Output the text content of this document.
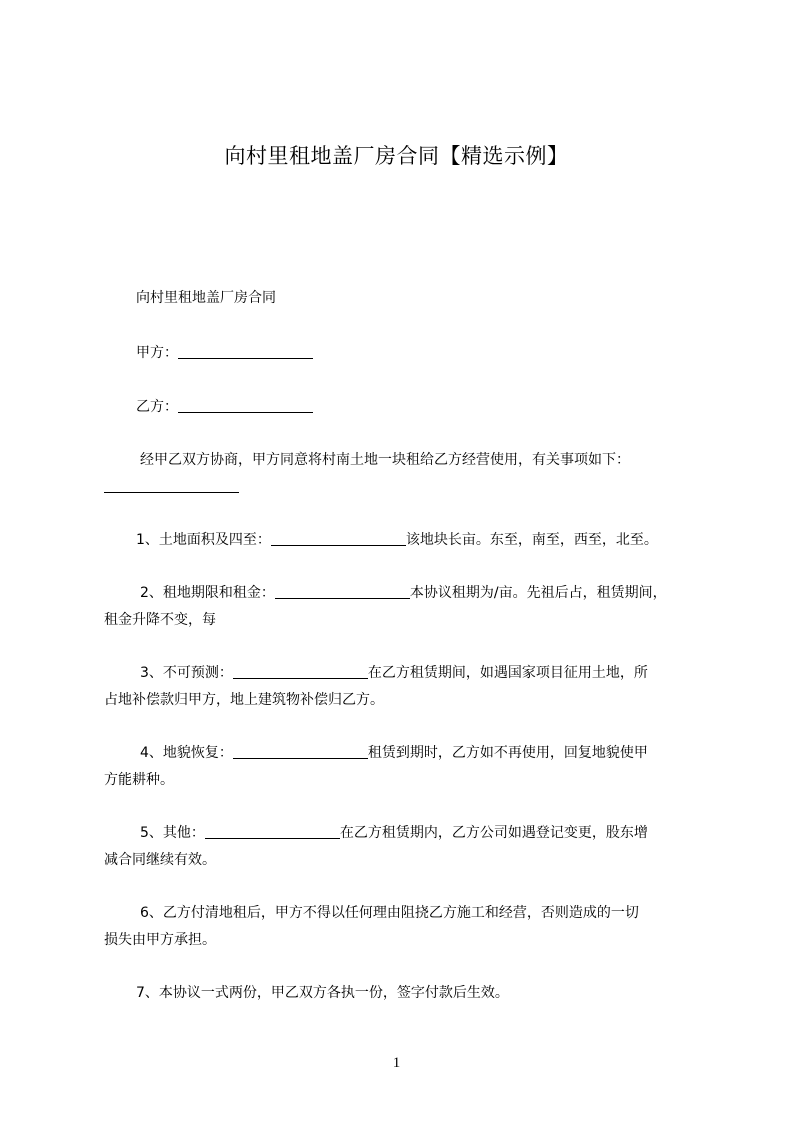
向村里租地盖厂房合同【精选示例】
向村里租地盖厂房合同
甲方：
乙方：
经甲乙双方协商，甲方同意将村南土地一块租给乙方经营使用，有关事项如下：
1、土地面积及四至：	该地块长亩。东至，南至，西至，北至。
2、租地期限和租金：	本协议租期为/亩。先祖后占，租赁期间，
租金升降不变，每
3、不可预测：	在乙方租赁期间，如遇国家项目征用土地，所
占地补偿款归甲方，地上建筑物补偿归乙方。
4、地貌恢复：	租赁到期时，乙方如不再使用，回复地貌使甲
方能耕种。
5、其他：	在乙方租赁期内，乙方公司如遇登记变更，股东增
减合同继续有效。
6、乙方付清地租后，甲方不得以任何理由阻挠乙方施工和经营，否则造成的一切
损失由甲方承担。
7、本协议一式两份，甲乙双方各执一份，签字付款后生效。
1
